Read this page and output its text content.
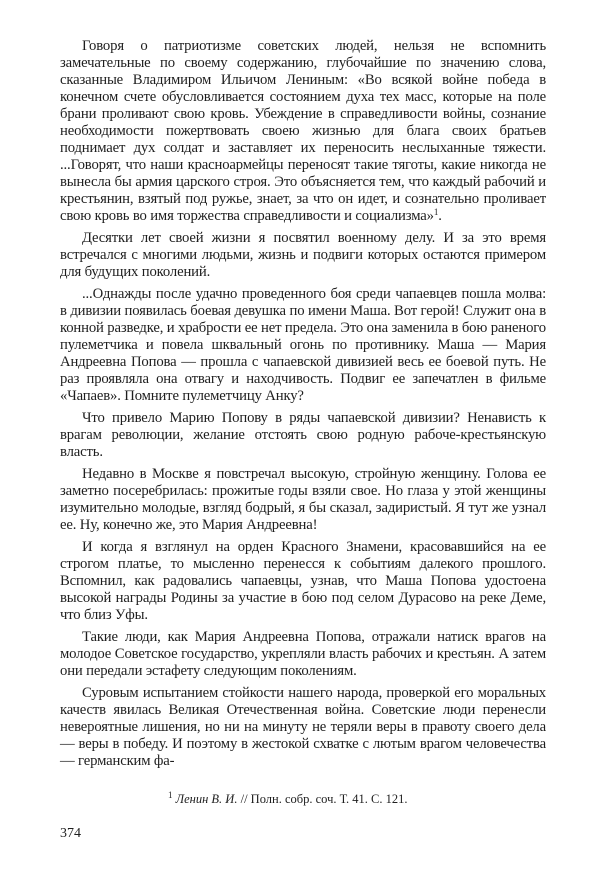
Говоря о патриотизме советских людей, нельзя не вспомнить замечательные по своему содержанию, глубочайшие по значению слова, сказанные Владимиром Ильичом Лениным: «Во всякой войне победа в конечном счете обусловливается состоянием духа тех масс, которые на поле брани проливают свою кровь. Убеждение в справедливости войны, сознание необходимости пожертвовать своею жизнью для блага своих братьев поднимает дух солдат и заставляет их переносить неслыханные тяжести. ...Говорят, что наши красноармейцы переносят такие тяготы, какие никогда не вынесла бы армия царского строя. Это объясняется тем, что каждый рабочий и крестьянин, взятый под ружье, знает, за что он идет, и сознательно проливает свою кровь во имя торжества справедливости и социализма»$^1$.

Десятки лет своей жизни я посвятил военному делу. И за это время встречался с многими людьми, жизнь и подвиги которых остаются примером для будущих поколений.

...Однажды после удачно проведенного боя среди чапаевцев пошла молва: в дивизии появилась боевая девушка по имени Маша. Вот герой! Служит она в конной разведке, и храбрости ее нет предела. Это она заменила в бою раненого пулеметчика и повела шквальный огонь по противнику. Маша — Мария Андреевна Попова — прошла с чапаевской дивизией весь ее боевой путь. Не раз проявляла она отвагу и находчивость. Подвиг ее запечатлен в фильме «Чапаев». Помните пулеметчицу Анку?

Что привело Марию Попову в ряды чапаевской дивизии? Ненависть к врагам революции, желание отстоять свою родную рабоче-крестьянскую власть.

Недавно в Москве я повстречал высокую, стройную женщину. Голова ее заметно посеребрилась: прожитые годы взяли свое. Но глаза у этой женщины изумительно молодые, взгляд бодрый, я бы сказал, задиристый. Я тут же узнал ее. Ну, конечно же, это Мария Андреевна!

И когда я взглянул на орден Красного Знамени, красовавшийся на ее строгом платье, то мысленно перенесся к событиям далекого прошлого. Вспомнил, как радовались чапаевцы, узнав, что Маша Попова удостоена высокой награды Родины за участие в бою под селом Дурасово на реке Деме, что близ Уфы.

Такие люди, как Мария Андреевна Попова, отражали натиск врагов на молодое Советское государство, укрепляли власть рабочих и крестьян. А затем они передали эстафету следующим поколениям.

Суровым испытанием стойкости нашего народа, проверкой его моральных качеств явилась Великая Отечественная война. Советские люди перенесли невероятные лишения, но ни на минуту не теряли веры в правоту своего дела — веры в победу. И поэтому в жестокой схватке с лютым врагом человечества — германским фа-

$^1$ Ленин В. И. // Полн. собр. соч. Т. 41. С. 121.
374
